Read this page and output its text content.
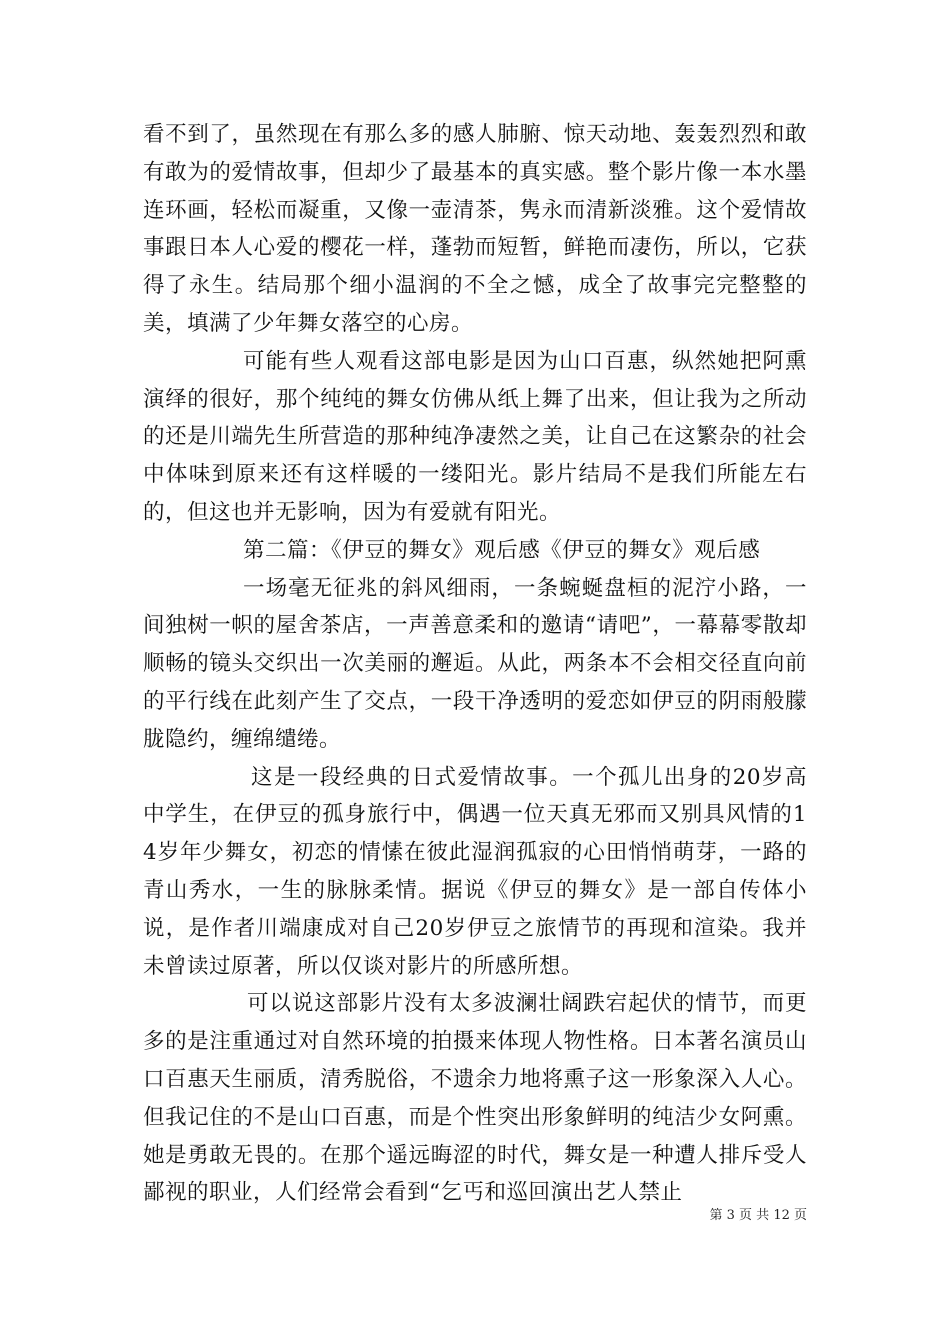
看不到了，虽然现在有那么多的感人肺腑、惊天动地、轰轰烈烈和敢有敢为的爱情故事，但却少了最基本的真实感。整个影片像一本水墨连环画，轻松而凝重，又像一壶清茶，隽永而清新淡雅。这个爱情故事跟日本人心爱的樱花一样，蓬勃而短暂，鲜艳而凄伤，所以，它获得了永生。结局那个细小温润的不全之憾，成全了故事完完整整的美，填满了少年舞女落空的心房。

可能有些人观看这部电影是因为山口百惠，纵然她把阿熏演绎的很好，那个纯纯的舞女仿佛从纸上舞了出来，但让我为之所动的还是川端先生所营造的那种纯净凄然之美，让自己在这繁杂的社会中体味到原来还有这样暖的一缕阳光。影片结局不是我们所能左右的，但这也并无影响，因为有爱就有阳光。

第二篇：《伊豆的舞女》观后感《伊豆的舞女》观后感

一场毫无征兆的斜风细雨，一条蜿蜒盘桓的泥泞小路，一间独树一帜的屋舍茶店，一声善意柔和的邀请“请吧”，一幕幕零散却顺畅的镜头交织出一次美丽的邂逅。从此，两条本不会相交径直向前的平行线在此刻产生了交点，一段干净透明的爱恋如伊豆的阴雨般朦胧隐约，缠绵缱绻。

这是一段经典的日式爱情故事。一个孤儿出身的20岁高中学生，在伊豆的孤身旅行中，偶遇一位天真无邪而又别具风情的14岁年少舞女，初恋的情愫在彼此湿润孤寂的心田悄悄萌芽，一路的青山秀水，一生的脉脉柔情。据说《伊豆的舞女》是一部自传体小说，是作者川端康成对自己20岁伊豆之旅情节的再现和渲染。我并未曾读过原著，所以仅谈对影片的所感所想。

可以说这部影片没有太多波澜壮阔跌宕起伏的情节，而更多的是注重通过对自然环境的拍摄来体现人物性格。日本著名演员山口百惠天生丽质，清秀脱俗，不遗余力地将熏子这一形象深入人心。但我记住的不是山口百惠，而是个性突出形象鲜明的纯洁少女阿熏。她是勇敢无畏的。在那个遥远晦涩的时代，舞女是一种遭人排斥受人鄙视的职业，人们经常会看到“乞丐和巡回演出艺人禁止

第 3 页 共 12 页
